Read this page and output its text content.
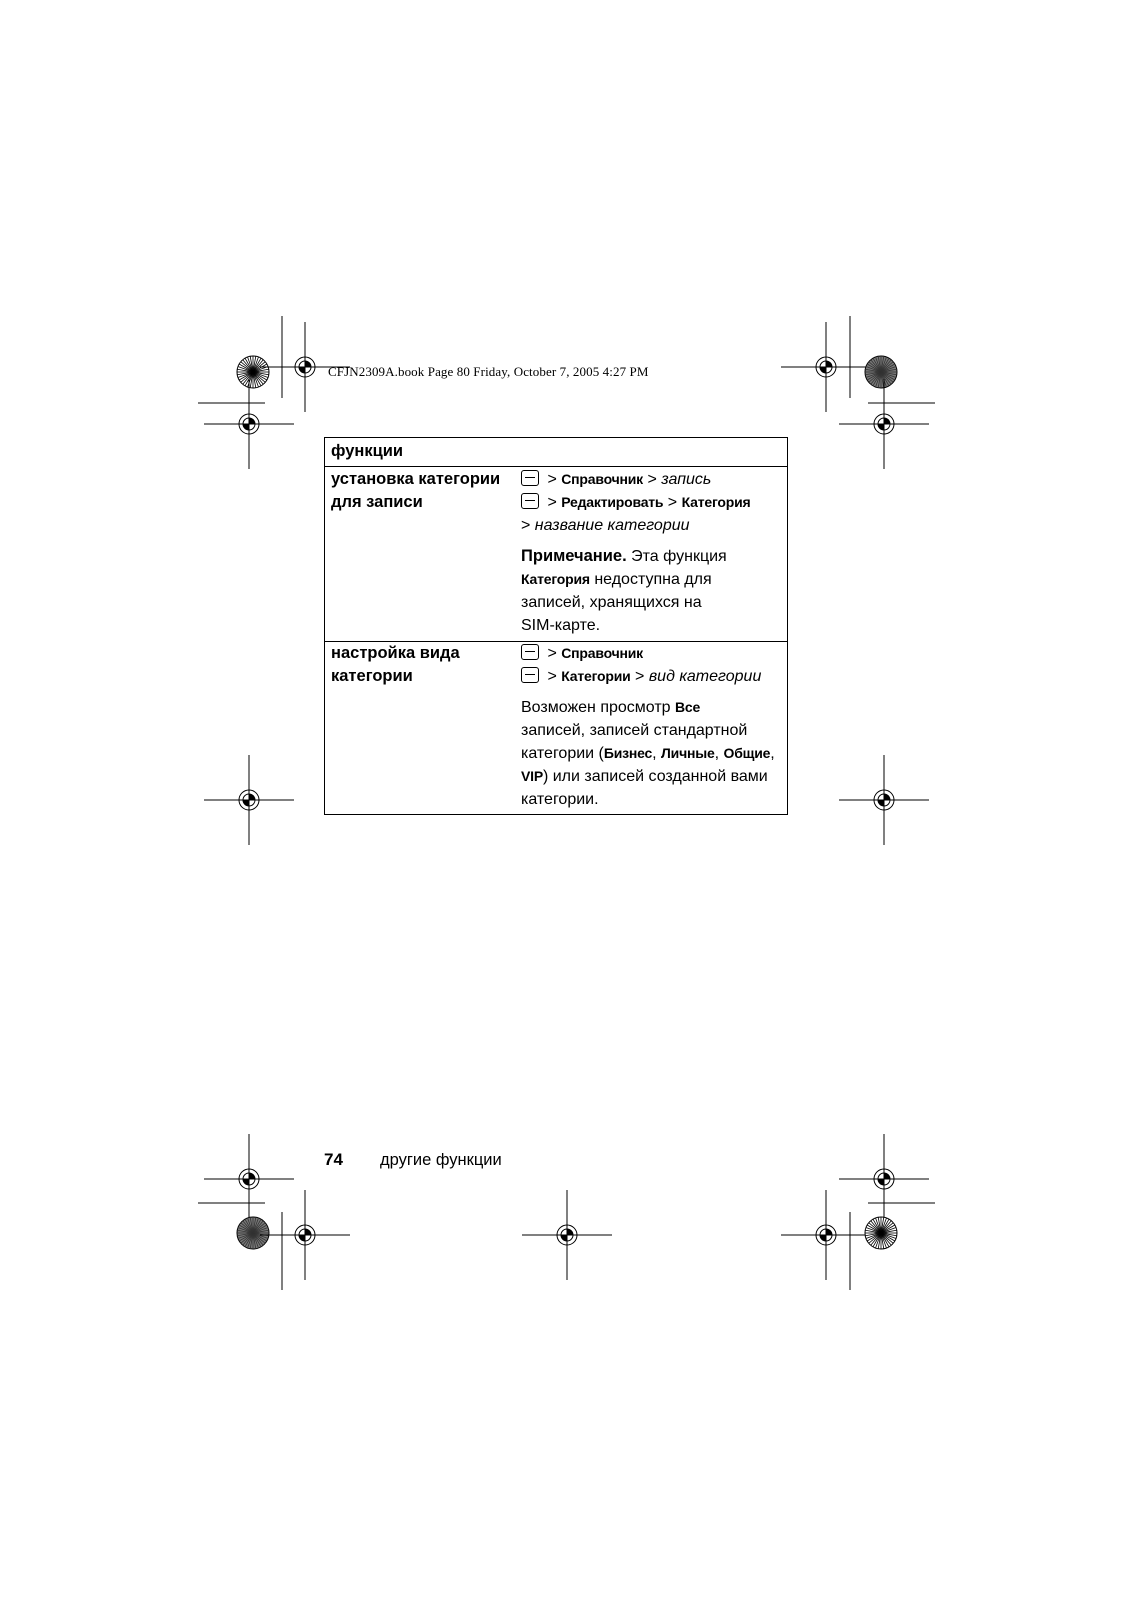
CFJN2309A.book Page 80 Friday, October 7, 2005 4:27 PM
функции
установка категории
для записи
> Справочник > запись
> Редактировать > Категория
> название категории
Примечание. Эта функция
Категория недоступна для
записей, хранящихся на
SIM-карте.
настройка вида
категории
> Справочник
> Категории > вид категории
Возможен просмотр Все
записей, записей стандартной
категории (Бизнес, Личные, Общие,
VIP) или записей созданной вами
категории.
74 другие функции
